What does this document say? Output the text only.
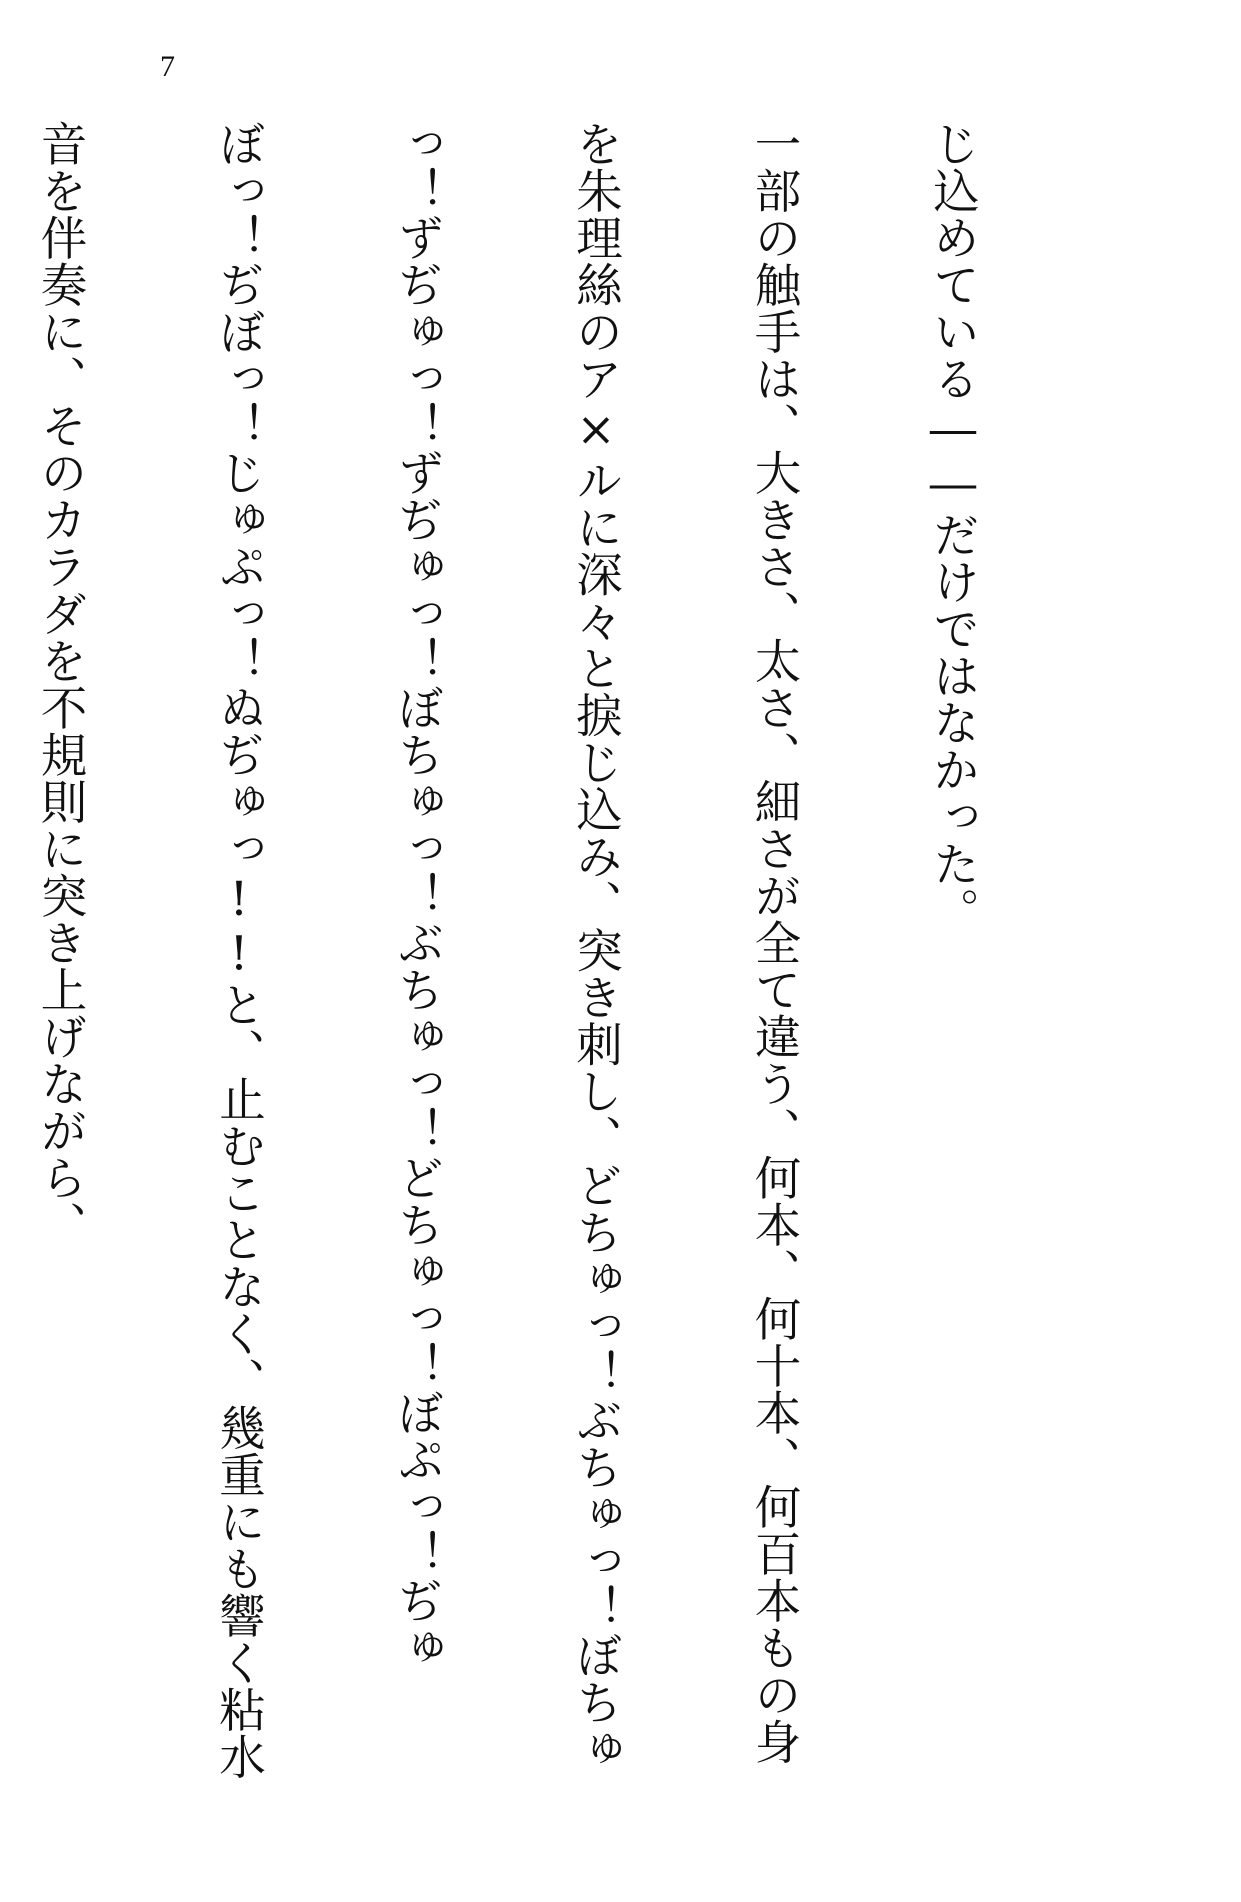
7

じ込めている――だけではなかった。

一部の触手は、大きさ、太さ、細さが全て違う、何本、何十本、何百本もの身

を朱理絲のア×ルに深々と捩じ込み、突き刺し、どちゅっ！ぶちゅっ！ぼちゅ

っ！ずぢゅっ！ずぢゅっ！ぼちゅっ！ぶちゅっ！どちゅっ！ぼぷっ！ぢゅ

ぼっ！ぢぼっ！じゅぷっ！ぬぢゅっ!!と、止むことなく、幾重にも響く粘水

音を伴奏に、そのカラダを不規則に突き上げながら、
